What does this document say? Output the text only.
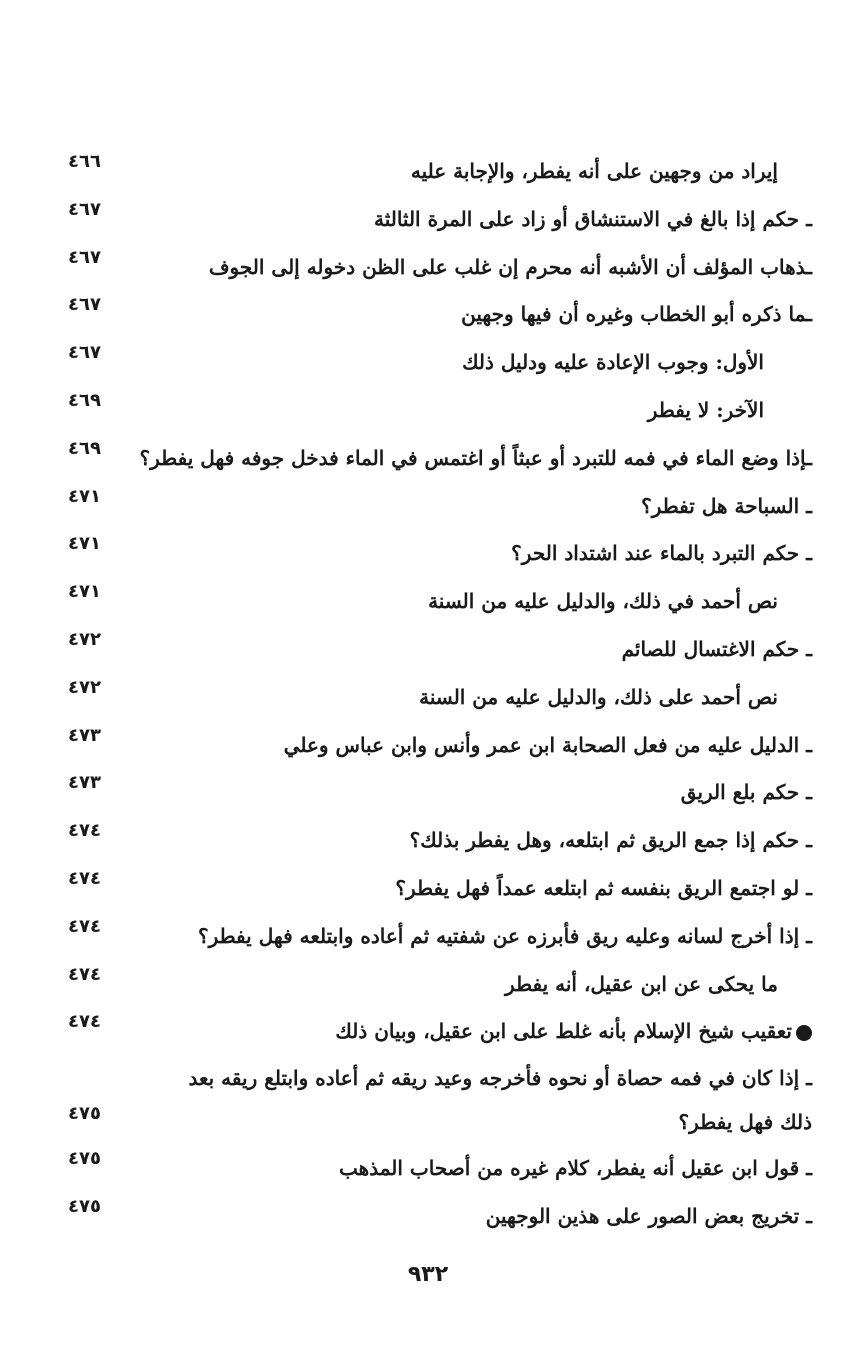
إيراد من وجهين على أنه يفطر، والإجابة عليه
٤٦٦
ـ حكم إذا بالغ في الاستنشاق أو زاد على المرة الثالثة
٤٦٧
ـذهاب المؤلف أن الأشبه أنه محرم إن غلب على الظن دخوله إلى الجوف
٤٦٧
ـما ذكره أبو الخطاب وغيره أن فيها وجهين
٤٦٧
الأول: وجوب الإعادة عليه ودليل ذلك
٤٦٧
الآخر: لا يفطر
٤٦٩
ـإذا وضع الماء في فمه للتبرد أو عبثاً أو اغتمس في الماء فدخل جوفه فهل يفطر؟
٤٦٩
ـ السباحة هل تفطر؟
٤٧١
ـ حكم التبرد بالماء عند اشتداد الحر؟
٤٧١
نص أحمد في ذلك، والدليل عليه من السنة
٤٧١
ـ حكم الاغتسال للصائم
٤٧٢
نص أحمد على ذلك، والدليل عليه من السنة
٤٧٢
ـ الدليل عليه من فعل الصحابة ابن عمر وأنس وابن عباس وعلي
٤٧٣
ـ حكم بلع الريق
٤٧٣
ـ حكم إذا جمع الريق ثم ابتلعه، وهل يفطر بذلك؟
٤٧٤
ـ لو اجتمع الريق بنفسه ثم ابتلعه عمداً فهل يفطر؟
٤٧٤
ـ إذا أخرج لسانه وعليه ريق فأبرزه عن شفتيه ثم أعاده وابتلعه فهل يفطر؟
٤٧٤
ما يحكى عن ابن عقيل، أنه يفطر
٤٧٤
تعقيب شيخ الإسلام بأنه غلط على ابن عقيل، وبيان ذلك
٤٧٤
ـ إذا كان في فمه حصاة أو نحوه فأخرجه وعيد ريقه ثم أعاده وابتلع ريقه بعد ذلك فهل يفطر؟
٤٧٥
ـ قول ابن عقيل أنه يفطر، كلام غيره من أصحاب المذهب
٤٧٥
ـ تخريج بعض الصور على هذين الوجهين
٤٧٥
٩٣٢
